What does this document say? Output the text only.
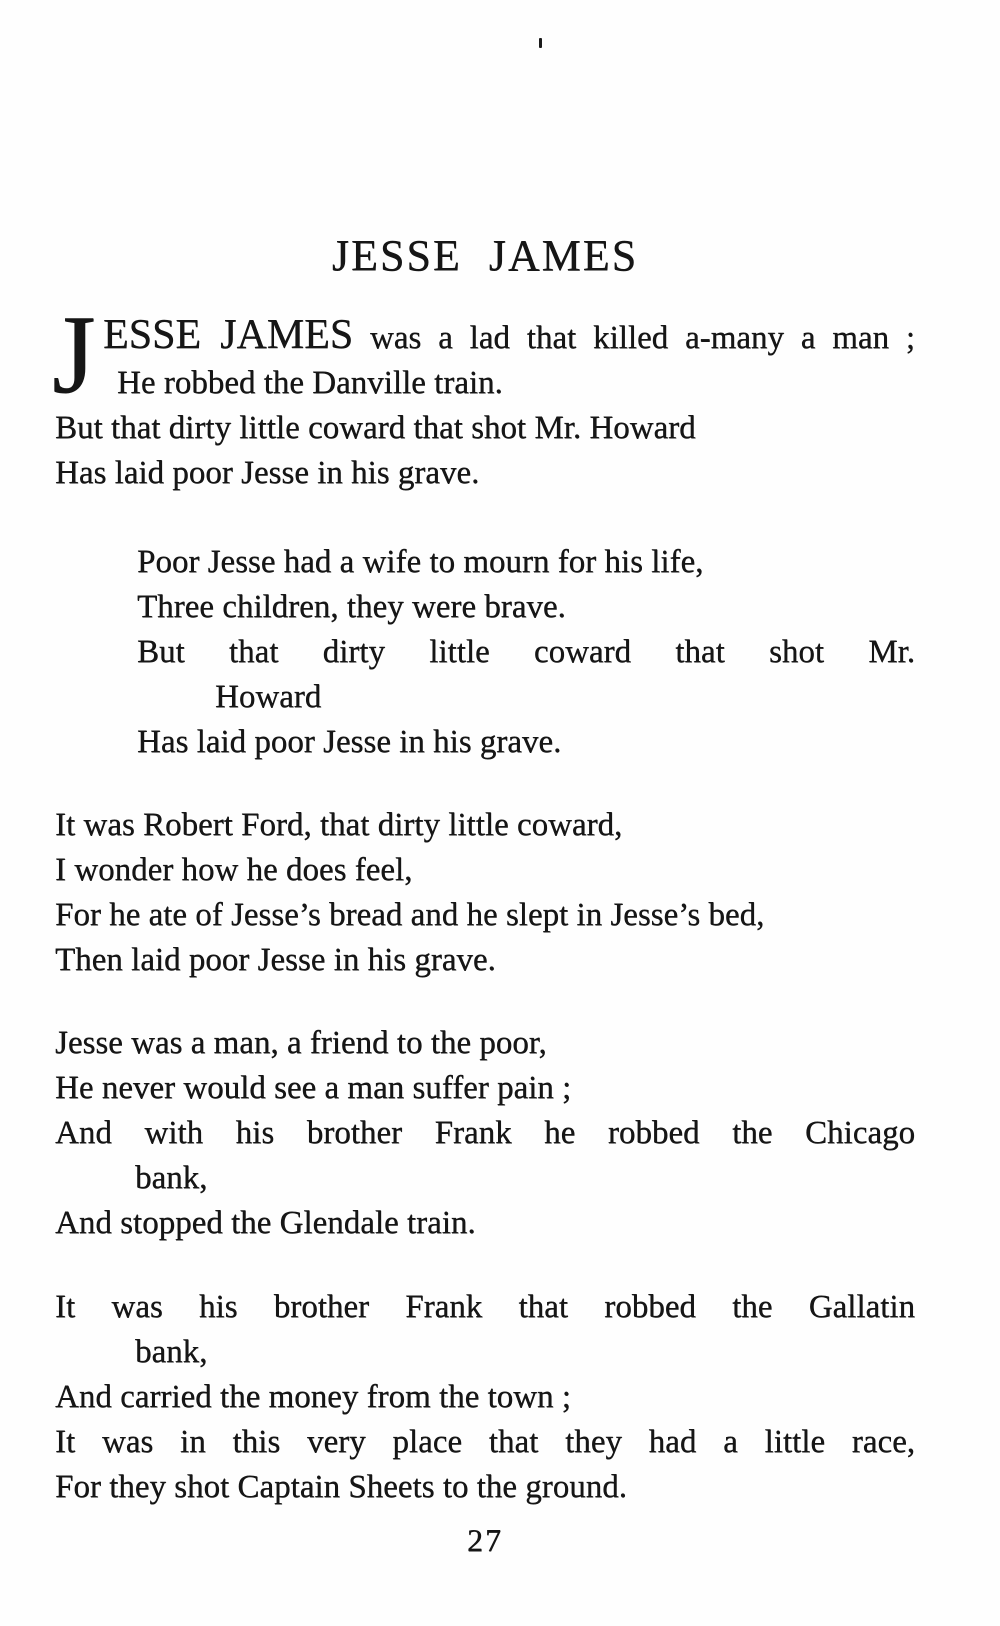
JESSE JAMES
J ESSE JAMES was a lad that killed a-many a man ;
He robbed the Danville train.
But that dirty little coward that shot Mr. Howard
Has laid poor Jesse in his grave.
Poor Jesse had a wife to mourn for his life,
Three children, they were brave.
But that dirty little coward that shot Mr.
Howard
Has laid poor Jesse in his grave.
It was Robert Ford, that dirty little coward,
I wonder how he does feel,
For he ate of Jesse’s bread and he slept in Jesse’s bed,
Then laid poor Jesse in his grave.
Jesse was a man, a friend to the poor,
He never would see a man suffer pain ;
And with his brother Frank he robbed the Chicago
bank,
And stopped the Glendale train.
It was his brother Frank that robbed the Gallatin
bank,
And carried the money from the town ;
It was in this very place that they had a little race,
For they shot Captain Sheets to the ground.
27
